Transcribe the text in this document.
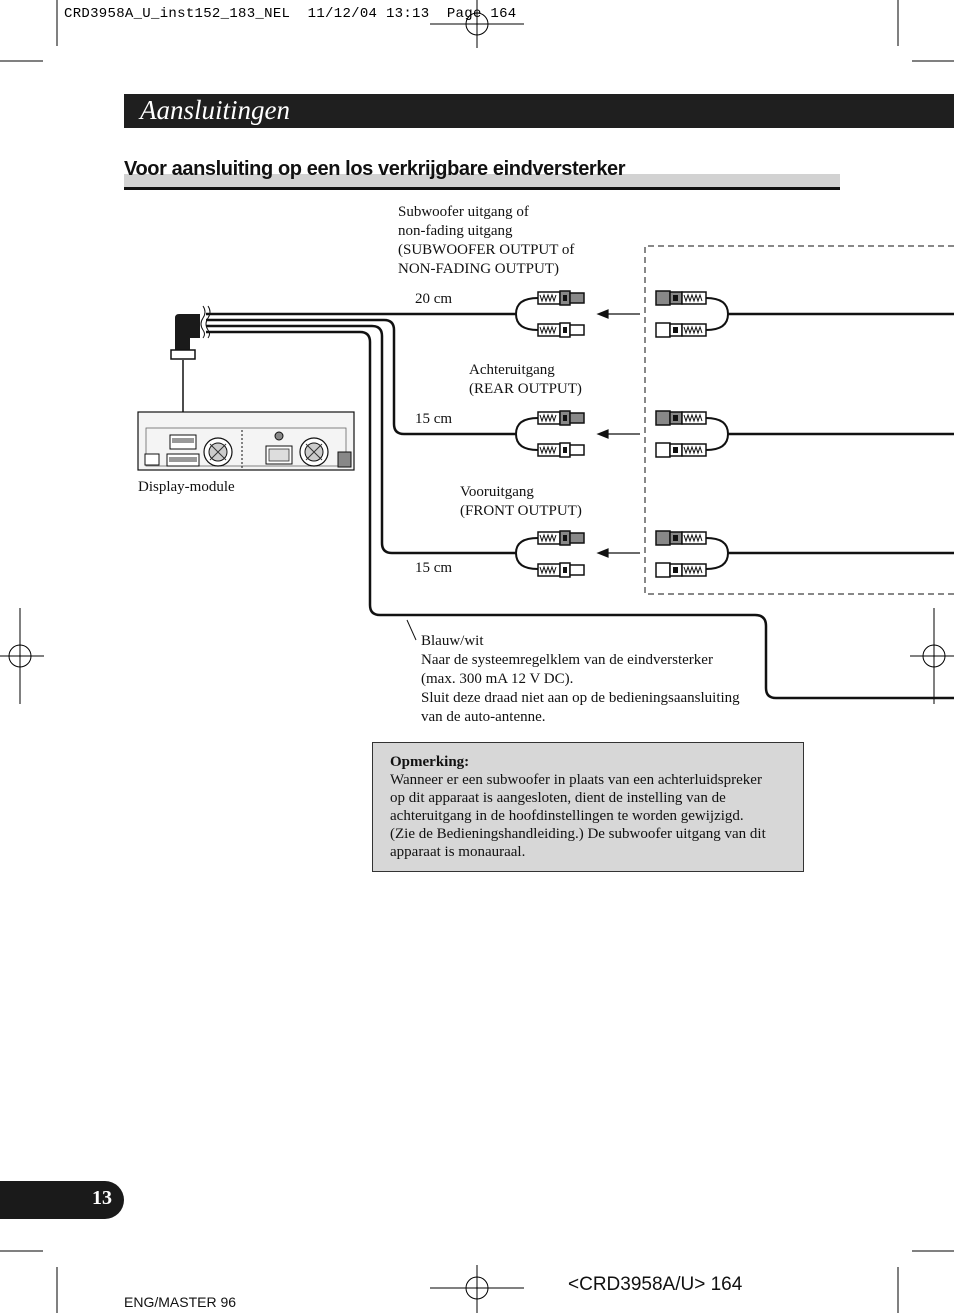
CRD3958A_U_inst152_183_NEL  11/12/04 13:13  Page 164
Aansluitingen
Voor aansluiting op een los verkrijgbare eindversterker
Subwoofer uitgang of
non-fading uitgang
(SUBWOOFER OUTPUT of
NON-FADING OUTPUT)
20 cm
Achteruitgang
(REAR OUTPUT)
15 cm
Vooruitgang
(FRONT OUTPUT)
15 cm
Display-module
Blauw/wit
Naar de systeemregelklem van de eindversterker
(max. 300 mA 12 V DC).
Sluit deze draad niet aan op de bedieningsaansluiting
van de auto-antenne.
Opmerking:
Wanneer er een subwoofer in plaats van een achterluidspreker
op dit apparaat is aangesloten, dient de instelling van de
achteruitgang in de hoofdinstellingen te worden gewijzigd.
(Zie de Bedieningshandleiding.) De subwoofer uitgang van dit
apparaat is monauraal.
13
ENG/MASTER 96
<CRD3958A/U> 164
